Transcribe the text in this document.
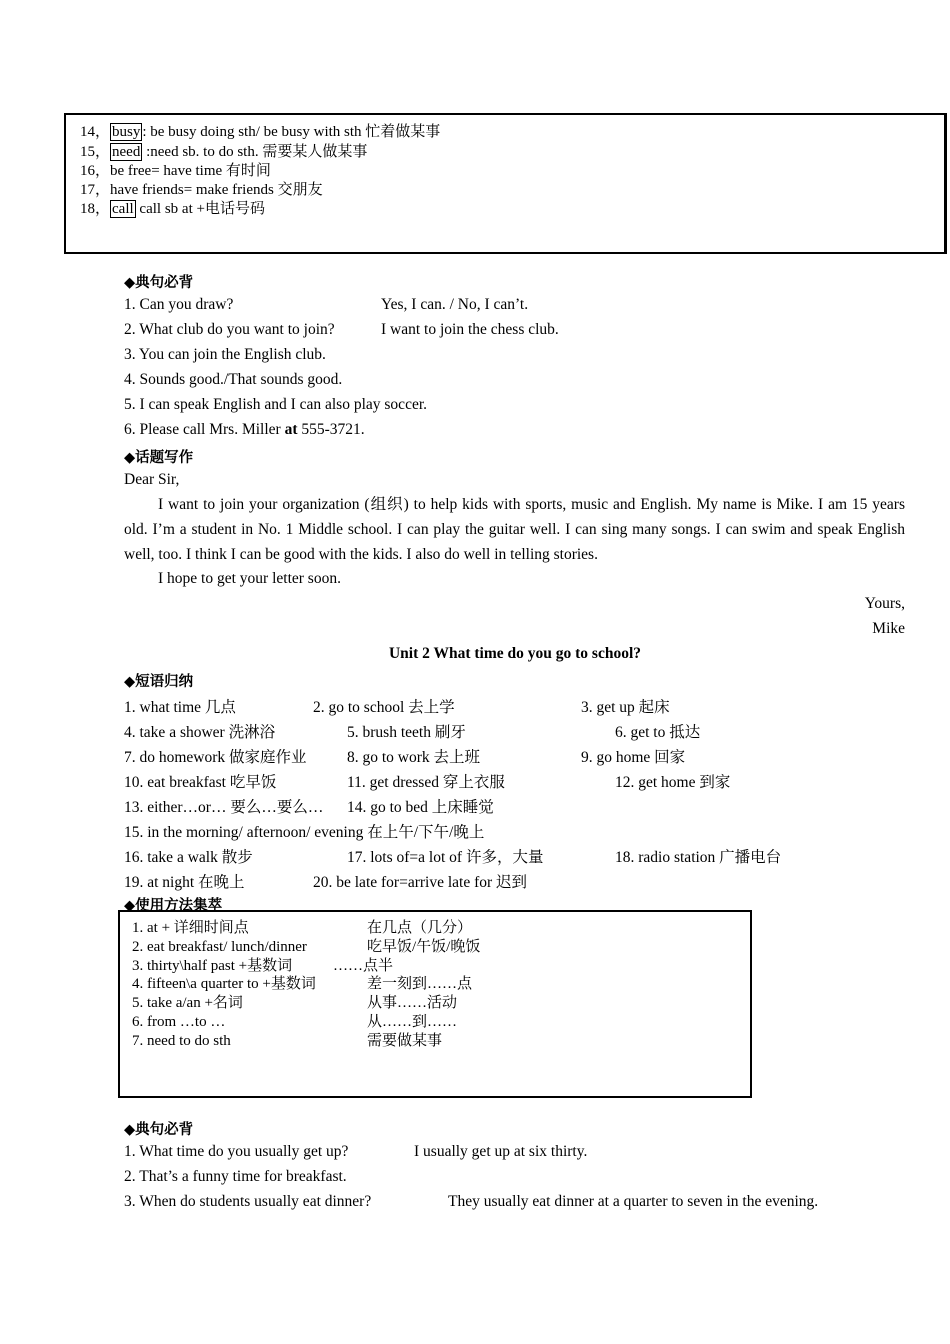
14， busy : be busy doing sth/ be busy with sth 忙着做某事
15， need :need sb. to do sth. 需要某人做某事
16，be free= have time 有时间
17，have friends= make friends 交朋友
18， call call sb at +电话号码
◆典句必背
1. Can you draw?	Yes, I can. / No, I can’t.
2. What club do you want to join?	I want to join the chess club.
3. You can join the English club.
4. Sounds good./That sounds good.
5. I can speak English and I can also play soccer.
6. Please call Mrs. Miller at 555-3721.
◆话题写作
Dear Sir,
I want to join your organization (组织) to help kids with sports, music and English. My name is Mike. I am 15 years old. I’m a student in No. 1 Middle school. I can play the guitar well. I can sing many songs. I can swim and speak English well, too. I think I can be good with the kids. I also do well in telling stories.
I hope to get your letter soon.
Yours,
Mike
Unit 2 What time do you go to school?
◆短语归纳
1. what time 几点	2. go to school 去上学	3. get up 起床
4. take a shower 洗淋浴	5. brush teeth 刷牙	6. get to 抵达
7. do homework 做家庭作业	8. go to work 去上班	9. go home 回家
10. eat breakfast 吃早饭	11. get dressed 穿上衣服	12. get home 到家
13. either…or… 要么…要么… 14. go to bed 上床睡觉
15. in the morning/ afternoon/ evening 在上午/下午/晚上
16. take a walk 散步	17. lots of=a lot of 许多，大量	18. radio station 广播电台
19. at night 在晚上	20. be late for=arrive late for 迟到
◆使用方法集萃
1. at + 详细时间点	在几点（几分）
2. eat breakfast/ lunch/dinner	吃早饭/午饭/晚饭
3. thirty\half past +基数词	……点半
4. fifteen\a quarter to +基数词	差一刻到……点
5. take a/an +名词	从事……活动
6. from …to …	从……到……
7. need to do sth	需要做某事
◆典句必背
1. What time do you usually get up?	I usually get up at six thirty.
2. That’s a funny time for breakfast.
3. When do students usually eat dinner?	They usually eat dinner at a quarter to seven in the evening.
